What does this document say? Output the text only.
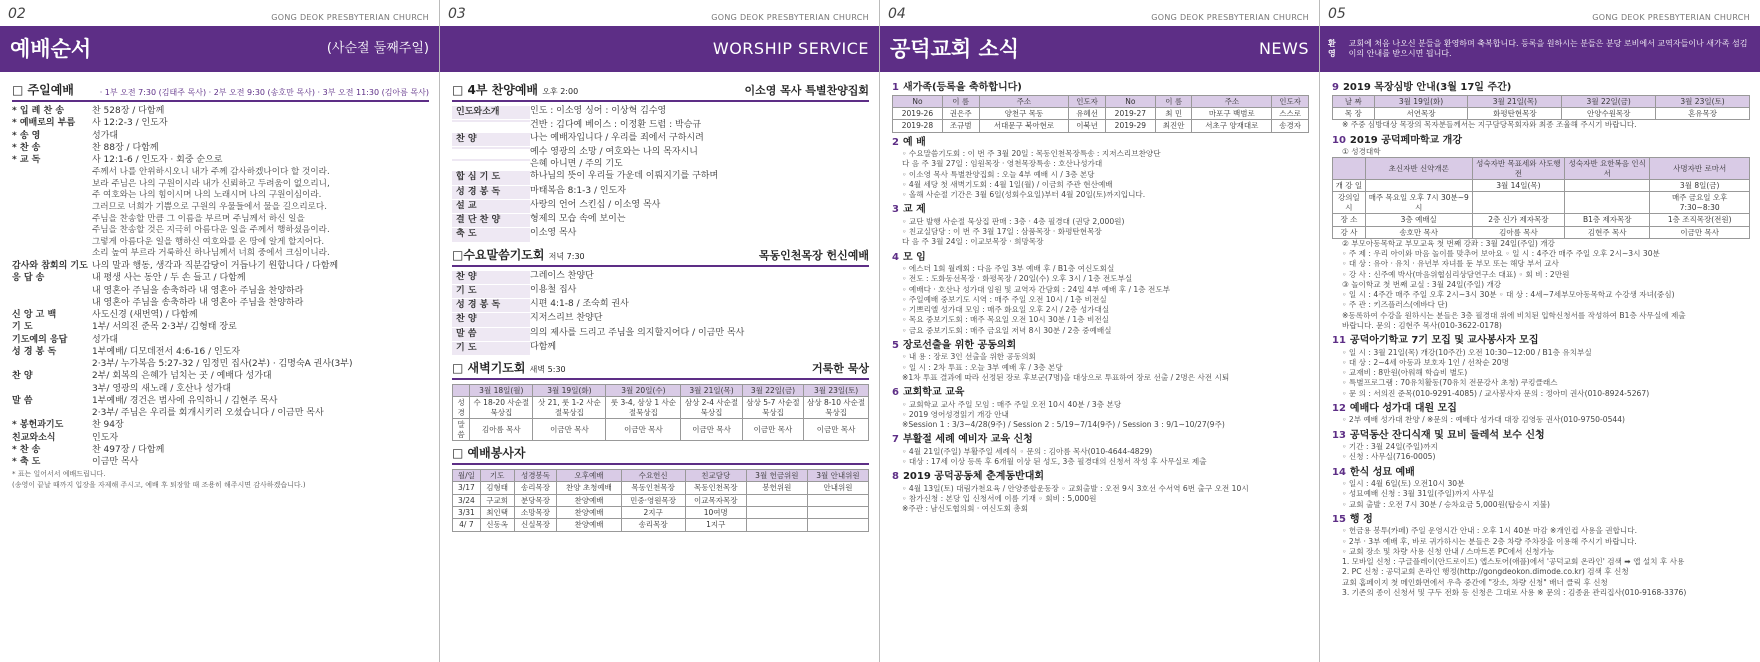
02	GONG DEOK PRESBYTERIAN CHURCH
예배순서	(사순절 둘째주일)
□ 주일예배	· 1부 오전 7:30 (김태주 목사) · 2부 오전 9:30 (송호만 목사) · 3부 오전 11:30 (김아름 목사)
* 입 례 찬 송	찬 528장 / 다함께
* 예배로의 부름	사 12:2-3 / 인도자
* 송 영	성가대
* 찬 송	찬 88장 / 다함께
* 교 독	사 12:1-6 / 인도자 · 회중 순으로
주께서 나를 안위하시오니 내가 주께 감사하겠나이다 할 것이라.
보라 주님은 나의 구원이시라 내가 신뢰하고 두려움이 없으리니,
주 여호와는 나의 힘이시며 나의 노래시며 나의 구원이심이라.
그러므로 너희가 기쁨으로 구원의 우물들에서 물을 길으리로다.
주님을 찬송할 만큼 그 이름을 부르며 주님께서 하신 일을
주님을 찬송할 것은 지극히 아름다운 일을 주께서 행하셨음이라.
그렇게 아름다운 일을 행하신 여호와를 온 땅에 알게 할지어다.
소리 높여 부르라 거룩하신 하나님께서 너희 중에서 크심이니라.
감사와 참회의 기도 나의 말과 행동, 생각과 직분감당이 거듭나기 원합니다 / 다함께
응 답 송	내 평생 사는 동안 / 두 손 들고 / 다함께
내 영혼아 주님을 송축하라 내 영혼아 주님을 찬양하라
내 영혼아 주님을 송축하라 내 영혼아 주님을 찬양하라
신 앙 고 백	사도신경 (새번역) / 다함께
기 도	1부/ 서의진 준목 2·3부/ 김형태 장로
기도예의 응답	성가대
성 경 봉 독	1부예배/ 디모데전서 4:6-16 / 인도자
2·3부/ 누가복음 5:27-32 / 임정민 집사(2부) · 김명숙A 권사(3부)
찬 양	2부/ 회복의 은혜가 넘치는 곳 / 예배다 성가대
3부/ 영광의 새노래 / 호산나 성가대
말 씀	1부예배/ 경건은 범사에 유익하니 / 김현주 목사
2·3부/ 주님은 우리를 회개시키러 오셨습니다 / 이금만 목사
* 봉헌과기도	찬 94장
친교와소식	인도자
* 찬 송	찬 497장 / 다함께
* 축 도	이금만 목사
* 표는 일어서서 예배드립니다.
(송영이 끝날 때까지 입장을 자제해 주시고, 예배 후 퇴장할 때 조용히 해주시면 감사하겠습니다.)
03	GONG DEOK PRESBYTERIAN CHURCH
WORSHIP SERVICE
□ 4부 찬양예배 오후 2:00	이소영 목사 특별찬양집회
인도와소개	인도 : 이소영 싱어 : 이상혁 김수영
건반 : 김다예 베이스 : 이정환 드럼 : 박승규
찬 양	나는 예배자입니다 / 우리를 죄에서 구하시려
예수 영광의 소망 / 여호와는 나의 목자시니
은혜 아니면 / 주의 기도
합 심 기 도	하나님의 뜻이 우리들 가운데 이뤄지기를 구하며
성 경 봉 독	마태복음 8:1-3 / 인도자
설 교	사랑의 언어 스킨십 / 이소영 목사
결 단 찬 양	형제의 모습 속에 보이는
축 도	이소영 목사
□수요말씀기도회 저녁 7:30	목동인천목장 헌신예배
찬 양	그레이스 찬양단
기 도	이용철 집사
성 경 봉 독	시편 4:1-8 / 조숙희 권사
찬 양	지저스리브 찬양단
말 씀	의의 제사를 드리고 주님을 의지할지어다 / 이금만 목사
기 도	다함께
□ 새벽기도회 새벽 5:30	거룩한 묵상
	3월 18일(월)	3월 19일(화)	3월 20일(수)	3월 21일(목)	3월 22일(금)	3월 23일(토)
성경	수 18-20 사순절묵상집	삿 21, 룻 1-2 사순절묵상집	룻 3-4, 삼상 1 사순절묵상집	삼상 2-4 사순절묵상집	삼상 5-7 사순절묵상집	삼상 8-10 사순절묵상집
말씀	김아름 목사	이금만 목사	이금만 목사	이금만 목사	이금만 목사	이금만 목사
□ 예배봉사자
월/일	기도	성경봉독	오후예배	수요헌신	친교담당	3월 헌금위원	3월 안내위원
3/17	김형태	송리목장	찬양 초청예배	목동인천목장	목동인천목장	봉헌위원	안내위원
3/24	구교희	분당목장	찬양예배	민중·영원목장	이교목자목장		
3/31	최인택	소망목장	찬양예배	2지구	10여명		
4/ 7	신동옥	신실목장	찬양예배	송리목장	1지구		
04	GONG DEOK PRESBYTERIAN CHURCH
공덕교회 소식	NEWS
1 새가족(등록을 축하합니다)
No	이 름	주소	인도자	No	이 름	주소	인도자
2019-26	권은주	양천구 목동	유혜선	2019-27	최 민	마포구 백범로	스스로
2019-28	조규범	서대문구 북아현로	이북년	2019-29	최진안	서초구 양재대로	송경자
2 예 배
◦ 수요말씀기도회 : 이 번 주 3월 20일 : 목동인천목장특송 : 지저스리브찬양단
다 음 주 3월 27일 : 임원목장 · 영천목장특송 : 호산나성가대
◦ 이소영 목사 특별찬양집회 : 오늘 4부 예배 시 / 3층 본당
◦ 4월 세당 첫 새벽기도회 : 4월 1일(월) / 이금희 주관 현산예배
◦ 올해 사순절 기간은 3월 6일(성회수요일)부터 4월 20일(토)까지입니다.
3 교 제
◦ 교단 발행 사순절 묵상집 판매 : 3층 · 4층 필경대 (권당 2,000원)
◦ 친교실담당 : 이 번 주 3월 17일 : 삼품목장 · 화평탄현목장
다 음 주 3월 24일 : 이교보목장 · 희망목장
4 모 임
◦ 에스더 1회 월례회 : 다음 주일 3부 예배 후 / B1층 여신도회실
◦ 전도 : 도화동선목장 · 화평목장 / 20일(수) 오후 3시 / 1층 전도부실
◦ 예배다 · 호산나 성가대 임원 및 교역자 간담회 : 24일 4부 예배 후 / 1층 전도부
◦ 주일예배 중보기도 시역 : 매주 주일 오전 10시 / 1층 비전실
◦ 기쁘리엘 성가대 모임 : 매주 화요일 오후 2시 / 2층 성가대실
◦ 목요 중보기도회 : 매주 목요일 오전 10시 30분 / 1층 비전실
◦ 금요 중보기도회 : 매주 금요일 저녁 8시 30분 / 2층 중예배실
5 장로선출을 위한 공동의회
◦ 내 용 : 장로 3인 선출을 위한 공동의회
◦ 일 시 : 2차 투표 : 오늘 3부 예배 후 / 3층 본당
※1차 투표 결과에 따라 선정된 장로 후보군(7명)을 대상으로 투표하여 장로 선출 / 2명은 사전 시퇴
6 교회학교 교육
◦ 교회학교 교사 주일 모임 : 매주 주일 오전 10시 40분 / 3층 본당
◦ 2019 영어성경읽기 개강 안내
※Session 1 : 3/3~4/28(9주) / Session 2 : 5/19~7/14(9주) / Session 3 : 9/1~10/27(9주)
7 부활절 세례 예비자 교육 신청
◦ 4월 21일(주일) 부활주일 세례식 ◦ 문의 : 김아름 목사(010-4644-4829)
◦ 대상 : 17세 이상 등록 후 6개월 이상 된 성도, 3층 필경대의 신청서 작성 후 사무실로 제출
8 2019 공덕공동체 춘계동반대회
◦ 4월 13일(토) 대림가천요육 / 안양종합운동장 ◦ 교회출발 : 오전 9시 3호선 수서역 6번 출구 오전 10시
◦ 참가신청 : 본당 입 신청서에 이름 기재 ◦ 회비 : 5,000원
※주관 : 남신도협의회 · 여신도회 총회
05	GONG DEOK PRESBYTERIAN CHURCH
환 영
교회에 처음 나오신 분들을 환영하며 축복합니다. 등록을 원하시는 분들은 분당 로비에서 교역자들이나 새가족 섬김이의 안내를 받으시면 됩니다.
9 2019 목장심방 안내(3월 17일 주간)
날 짜	3월 19일(화)	3월 21일(목)	3월 22일(금)	3월 23일(토)
목 장	서연목장	화평탄현목장	안양수원목장	혼유목장
※ 주중 심방대상 목장의 목자분들께서는 지구담당목회자와 최종 조율해 주시기 바랍니다.
10 2019 공덕페마학교 개강
① 성경대학
	초신자반 신약개론	성숙자반 목표세와 사도행전	성숙자반 요한복음 인식서	사명자반 로마서
개 강 일		3월 14일(목)		3월 8일(금)
강의일시	매주 목요일 오후 7시 30분~9시			매주 금요일 오후 7:30~8:30
장 소	3층 예배실	2층 신가 제자목장	B1층 제자목장	1층 조직목장(전원)
강 사	송호만 목사	김아름 목사	김현주 목사	이금만 목사
② 부모아동목학교 부모교육 첫 번째 강좌 : 3월 24일(주일) 개강
◦ 주 제 : 우리 아이와 마음 놀이를 맞추어 보아요 ◦ 일 시 : 4주간 매주 주일 오후 2시~3시 30분
◦ 대 상 : 유아 · 유치 · 유년부 자녀를 둔 부모 또는 해당 부서 교사
◦ 강 사 : 신주예 박사(마음위협심리상담연구소 대표) ◦ 회 비 : 2만원
③ 놀이학교 첫 번째 교실 : 3월 24일(주일) 개강
◦ 일 시 : 4주간 매주 주일 오후 2시~3시 30분 ◦ 대 상 : 4세~7세부모아동목학교 수강생 자녀(중심)
◦ 주 관 : 키즈플러스(에바다 단)
※동록하여 수강을 원하시는 분들은 3층 필경대 위에 비치된 입학신청서를 작성하여 B1층 사무실에 제출
바랍니다. 문의 : 김현주 목사(010-3622-0178)
11 공덕아기학교 7기 모집 및 교사봉사자 모집
◦ 일 시 : 3월 21일(목) 개강(10주간) 오전 10:30~12:00 / B1층 유치부실
◦ 대 상 : 2~4세 아동과 보호자 1인 / 선착순 20명
◦ 교재비 : 8만원(아워해 학습비 별도)
◦ 특별프로그램 : 70유치활동(70유치 전문강사 초청) 쿠킹클래스
◦ 문 의 : 서의진 준목(010-9291-4085) / 교사봉사자 문의 : 정아미 권사(010-8924-5267)
12 예배다 성가대 대원 모집
◦ 2부 예배 성가대 찬양 / ※문의 : 예배다 성가대 대장 김영동 권사(010-9750-0544)
13 공덕동산 잔디식재 및 묘비 둘레석 보수 신청
◦ 기간 : 3월 24일(주일)까지
◦ 신청 : 사무실(716-0005)
14 한식 성묘 예배
◦ 일시 : 4월 6일(토) 오전10시 30분
◦ 성묘예배 신청 : 3월 31일(주일)까지 사무실
◦ 교회 출발 : 오전 7시 30분 / 승차요금 5,000원(탑승시 지불)
15 행 정
◦ 헌금용 봉투(카페) 주일 운영시간 안내 : 오후 1시 40분 마감 ※개인컵 사용을 권합니다.
◦ 2부 · 3부 예배 후, 바로 귀가하시는 분들은 2층 차량 주차장을 이용해 주시기 바랍니다.
◦ 교회 장소 및 차량 사용 신청 안내 / 스마트폰 PC에서 신청가능
1. 모바일 신청 : 구글플레이(안드로이드) 앱스토어(애플)에서 '공덕교회 온라인' 검색 ➡ 앱 설치 후 사용
2. PC 신청 : 공덕교회 온라인 행정(http://gongdeokon.dimode.co.kr) 검색 후 신청
교회 홈페이지 첫 메인화면에서 우측 중간에 "장소, 차량 신청" 배너 클릭 후 신청
3. 기존의 종이 신청서 및 구두 전화 등 신청은 그대로 사용 ※ 문의 : 김종윤 관리집사(010-9168-3376)
